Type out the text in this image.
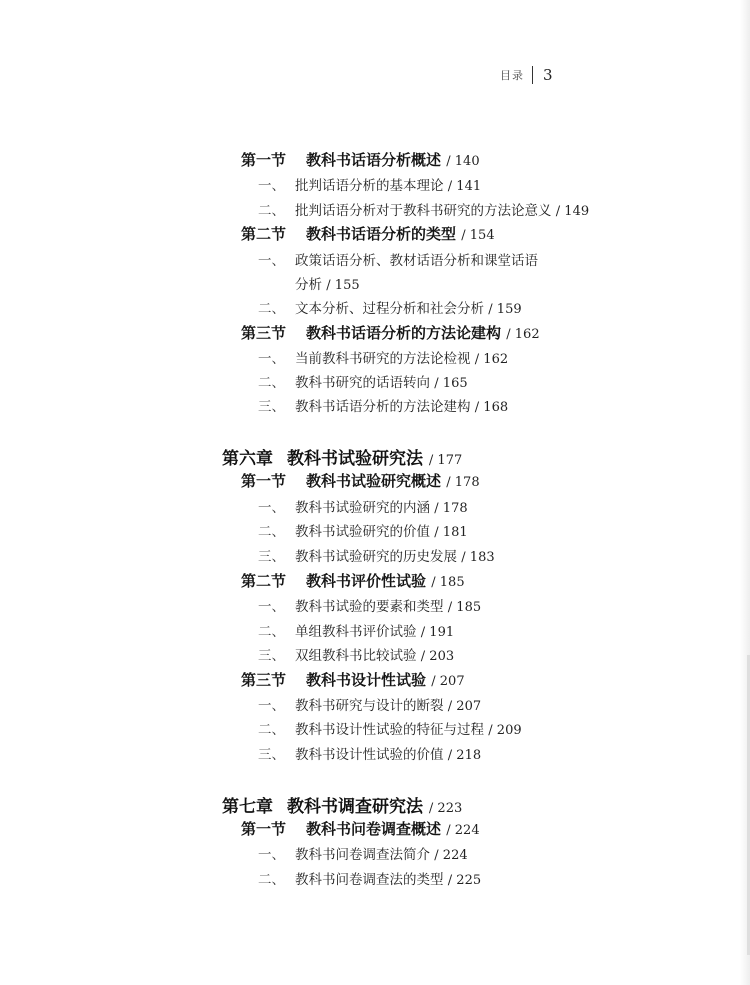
目录 3
第一节 教科书话语分析概述 / 140
一、 批判话语分析的基本理论 / 141
二、 批判话语分析对于教科书研究的方法论意义 / 149
第二节 教科书话语分析的类型 / 154
一、 政策话语分析、教材话语分析和课堂话语
分析 / 155
二、 文本分析、过程分析和社会分析 / 159
第三节 教科书话语分析的方法论建构 / 162
一、 当前教科书研究的方法论检视 / 162
二、 教科书研究的话语转向 / 165
三、 教科书话语分析的方法论建构 / 168
第六章 教科书试验研究法 / 177
第一节 教科书试验研究概述 / 178
一、 教科书试验研究的内涵 / 178
二、 教科书试验研究的价值 / 181
三、 教科书试验研究的历史发展 / 183
第二节 教科书评价性试验 / 185
一、 教科书试验的要素和类型 / 185
二、 单组教科书评价试验 / 191
三、 双组教科书比较试验 / 203
第三节 教科书设计性试验 / 207
一、 教科书研究与设计的断裂 / 207
二、 教科书设计性试验的特征与过程 / 209
三、 教科书设计性试验的价值 / 218
第七章 教科书调查研究法 / 223
第一节 教科书问卷调查概述 / 224
一、 教科书问卷调查法简介 / 224
二、 教科书问卷调查法的类型 / 225
